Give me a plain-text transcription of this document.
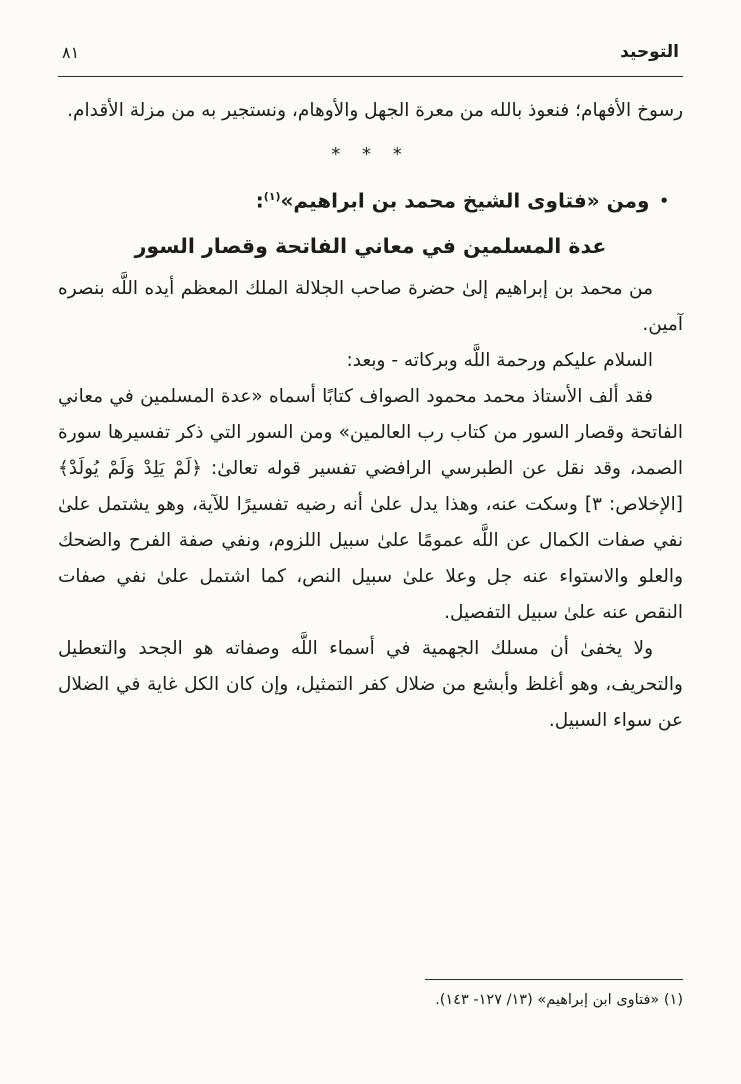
التوحيد
٨١

رسوخ الأفهام؛ فنعوذ بالله من معرة الجهل والأوهام، ونستجير به من مزلة الأقدام.

* * *

•ومن «فتاوى الشيخ محمد بن ابراهيم»$^{(١)}$:

عدة المسلمين في معاني الفاتحة وقصار السور

من محمد بن إبراهيم إلىٰ حضرة صاحب الجلالة الملك المعظم أيده اللَّه بنصره آمين.

السلام عليكم ورحمة اللَّه وبركاته - وبعد:

فقد ألف الأستاذ محمد محمود الصواف كتابًا أسماه «عدة المسلمين في معاني الفاتحة وقصار السور من كتاب رب العالمين» ومن السور التي ذكر تفسيرها سورة الصمد، وقد نقل عن الطبرسي الرافضي تفسير قوله تعالىٰ: ﴿لَمْ يَلِدْ وَلَمْ يُولَدْ﴾ [الإخلاص: ٣] وسكت عنه، وهذا يدل علىٰ أنه رضيه تفسيرًا للآية، وهو يشتمل علىٰ نفي صفات الكمال عن اللَّه عمومًا علىٰ سبيل اللزوم، ونفي صفة الفرح والضحك والعلو والاستواء عنه جل وعلا علىٰ سبيل النص، كما اشتمل علىٰ نفي صفات النقص عنه علىٰ سبيل التفصيل.

ولا يخفىٰ أن مسلك الجهمية في أسماء اللَّه وصفاته هو الجحد والتعطيل والتحريف، وهو أغلظ وأبشع من ضلال كفر التمثيل، وإن كان الكل غاية في الضلال عن سواء السبيل.

(١) «فتاوى ابن إبراهيم» (١٣/ ١٢٧- ١٤٣).
